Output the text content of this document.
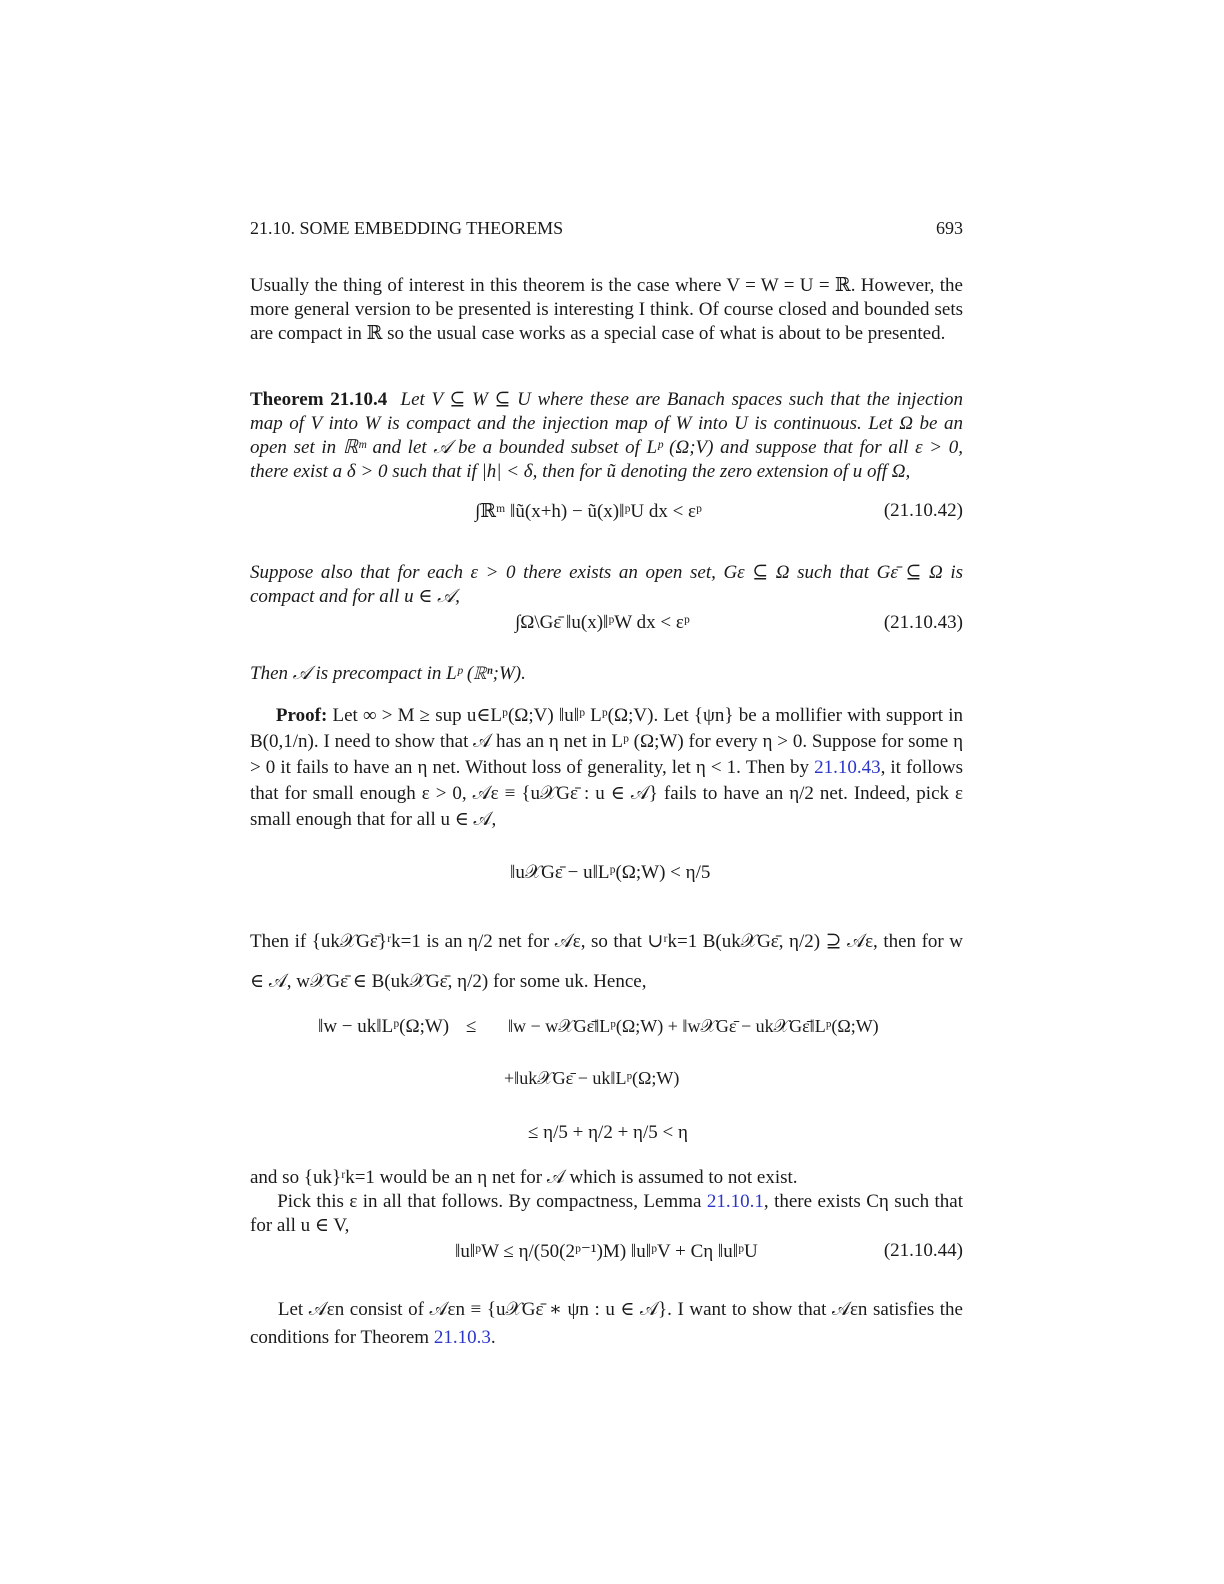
21.10. SOME EMBEDDING THEOREMS	693

Usually the thing of interest in this theorem is the case where V = W = U = ℝ. However, the more general version to be presented is interesting I think. Of course closed and bounded sets are compact in ℝ so the usual case works as a special case of what is about to be presented.

Theorem 21.10.4 Let V ⊆ W ⊆ U where these are Banach spaces such that the injection map of V into W is compact and the injection map of W into U is continuous. Let Ω be an open set in ℝᵐ and let 𝒜 be a bounded subset of Lᵖ (Ω;V) and suppose that for all ε > 0, there exist a δ > 0 such that if |h| < δ, then for ũ denoting the zero extension of u off Ω,

∫ℝᵐ ‖ũ(x+h) − ũ(x)‖ᵖU dx < εᵖ	(21.10.42)

Suppose also that for each ε > 0 there exists an open set, Gε ⊆ Ω such that Gε̄ ⊆ Ω is compact and for all u ∈ 𝒜,

∫Ω\Gε̄ ‖u(x)‖ᵖW dx < εᵖ	(21.10.43)

Then 𝒜 is precompact in Lᵖ (ℝⁿ;W).

Proof: Let ∞ > M ≥ sup u∈Lᵖ(Ω;V) ‖u‖ᵖ Lᵖ(Ω;V). Let {ψn} be a mollifier with support in B(0,1/n). I need to show that 𝒜 has an η net in Lᵖ (Ω;W) for every η > 0. Suppose for some η > 0 it fails to have an η net. Without loss of generality, let η < 1. Then by 21.10.43, it follows that for small enough ε > 0, 𝒜ε ≡ {u𝒳Gε̄ : u ∈ 𝒜} fails to have an η/2 net. Indeed, pick ε small enough that for all u ∈ 𝒜,

‖u𝒳Gε̄ − u‖Lᵖ(Ω;W) < η/5

Then if {uk𝒳Gε̄}ʳk=1 is an η/2 net for 𝒜ε, so that ∪ʳk=1 B(uk𝒳Gε̄, η/2) ⊇ 𝒜ε, then for w ∈ 𝒜, w𝒳Gε̄ ∈ B(uk𝒳Gε̄, η/2) for some uk. Hence,

‖w − uk‖Lᵖ(Ω;W) ≤ ‖w − w𝒳Gε̄‖Lᵖ(Ω;W) + ‖w𝒳Gε̄ − uk𝒳Gε̄‖Lᵖ(Ω;W)
+‖uk𝒳Gε̄ − uk‖Lᵖ(Ω;W)
≤ η/5 + η/2 + η/5 < η

and so {uk}ʳk=1 would be an η net for 𝒜 which is assumed to not exist.

Pick this ε in all that follows. By compactness, Lemma 21.10.1, there exists Cη such that for all u ∈ V,

‖u‖ᵖW ≤ η/(50(2ᵖ⁻¹)M) ‖u‖ᵖV + Cη ‖u‖ᵖU	(21.10.44)

Let 𝒜εn consist of 𝒜εn ≡ {u𝒳Gε̄ ∗ ψn : u ∈ 𝒜}. I want to show that 𝒜εn satisfies the conditions for Theorem 21.10.3.
